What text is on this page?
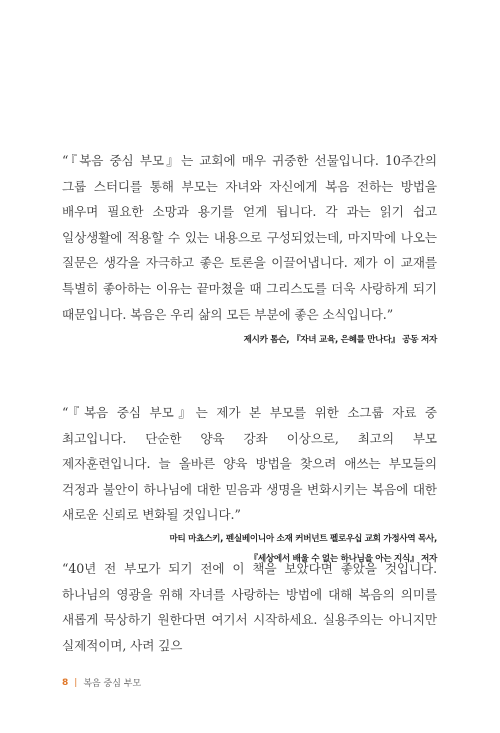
“『복음 중심 부모』는 교회에 매우 귀중한 선물입니다. 10주간의 그룹 스터디를 통해 부모는 자녀와 자신에게 복음 전하는 방법을 배우며 필요한 소망과 용기를 얻게 됩니다. 각 과는 읽기 쉽고 일상생활에 적용할 수 있는 내용으로 구성되었는데, 마지막에 나오는 질문은 생각을 자극하고 좋은 토론을 이끌어냅니다. 제가 이 교재를 특별히 좋아하는 이유는 끝마쳤을 때 그리스도를 더욱 사랑하게 되기 때문입니다. 복음은 우리 삶의 모든 부분에 좋은 소식입니다.”

제시카 톰슨, 『자녀 교육, 은혜를 만나다』 공동 저자

“『복음 중심 부모』는 제가 본 부모를 위한 소그룹 자료 중 최고입니다. 단순한 양육 강좌 이상으로, 최고의 부모 제자훈련입니다. 늘 올바른 양육 방법을 찾으려 애쓰는 부모들의 걱정과 불안이 하나님에 대한 믿음과 생명을 변화시키는 복음에 대한 새로운 신뢰로 변화될 것입니다.”

마티 마쵸스키, 펜실베이니아 소재 커버넌트 펠로우십 교회 가정사역 목사,
『세상에서 배울 수 없는 하나님을 아는 지식』 저자

“40년 전 부모가 되기 전에 이 책을 보았다면 좋았을 것입니다. 하나님의 영광을 위해 자녀를 사랑하는 방법에 대해 복음의 의미를 새롭게 묵상하기 원한다면 여기서 시작하세요. 실용주의는 아니지만 실제적이며, 사려 깊으

8 | 복음 중심 부모
